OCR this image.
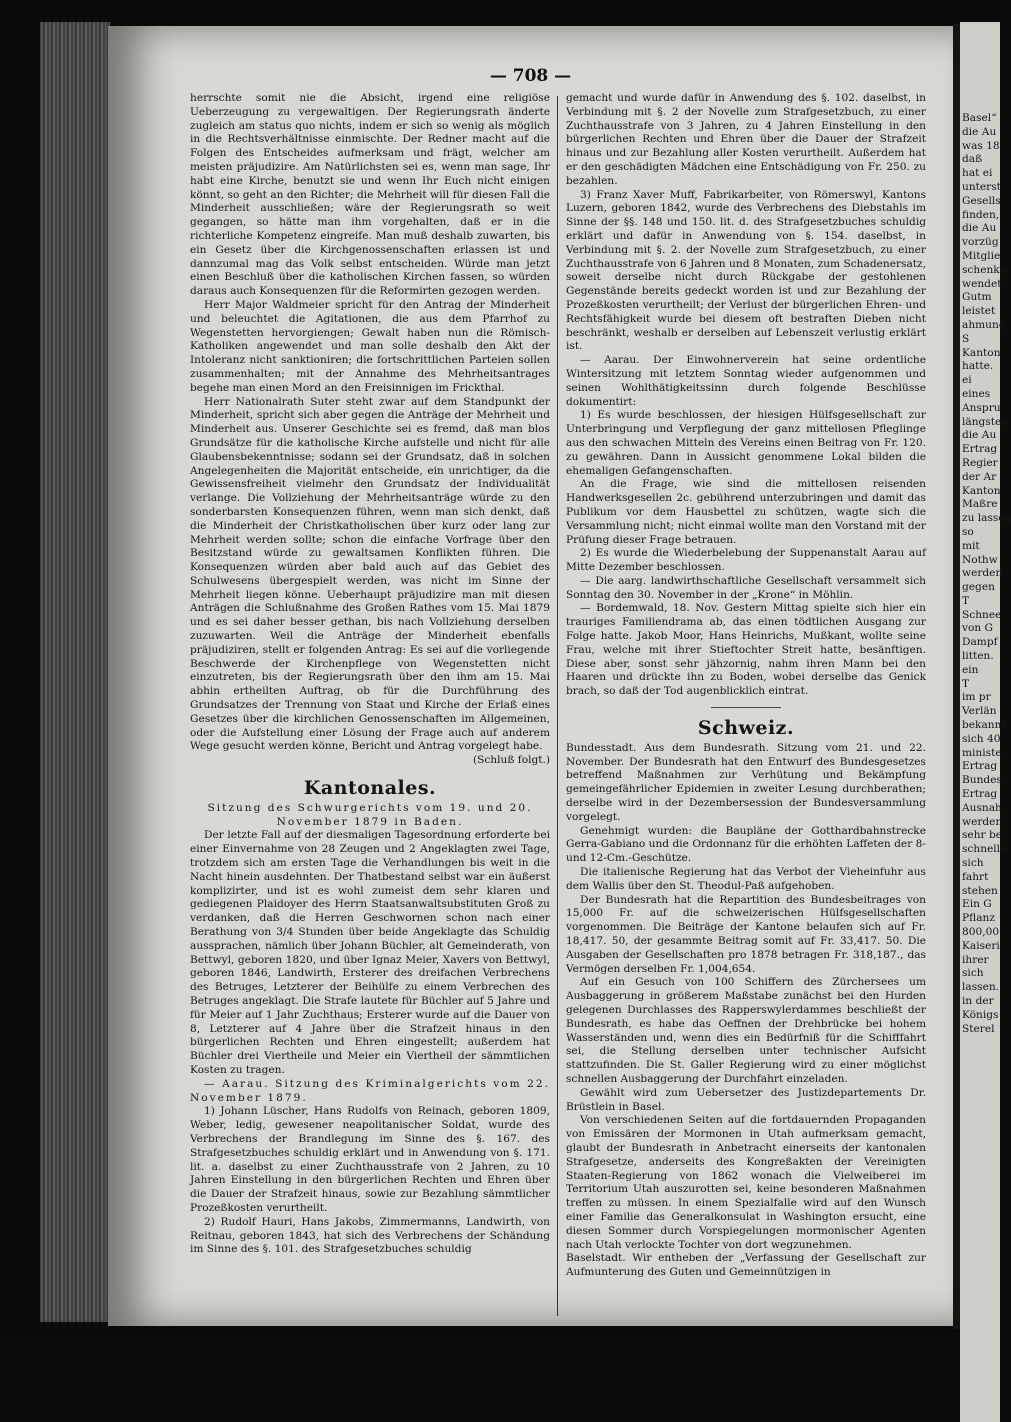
— 708 —

herrschte somit nie die Absicht, irgend eine religiöse Ueberzeugung zu vergewaltigen. Der Regierungsrath änderte zugleich am status quo nichts, indem er sich so wenig als möglich in die Rechtsverhältnisse einmischte. Der Redner macht auf die Folgen des Entscheides aufmerksam und frägt, welcher am meisten präjudizire. Am Natürlichsten sei es, wenn man sage, Ihr habt eine Kirche, benutzt sie und wenn Ihr Euch nicht einigen könnt, so geht an den Richter; die Mehrheit will für diesen Fall die Minderheit ausschließen; wäre der Regierungsrath so weit gegangen, so hätte man ihm vorgehalten, daß er in die richterliche Kompetenz eingreife. Man muß deshalb zuwarten, bis ein Gesetz über die Kirchgenossenschaften erlassen ist und dannzumal mag das Volk selbst entscheiden. Würde man jetzt einen Beschluß über die katholischen Kirchen fassen, so würden daraus auch Konsequenzen für die Reformirten gezogen werden.

Herr Major Waldmeier spricht für den Antrag der Minderheit und beleuchtet die Agitationen, die aus dem Pfarrhof zu Wegenstetten hervorgiengen; Gewalt haben nun die Römisch-Katholiken angewendet und man solle deshalb den Akt der Intoleranz nicht sanktioniren; die fortschrittlichen Parteien sollen zusammenhalten; mit der Annahme des Mehrheitsantrages begehe man einen Mord an den Freisinnigen im Frickthal.

Herr Nationalrath Suter steht zwar auf dem Standpunkt der Minderheit, spricht sich aber gegen die Anträge der Mehrheit und Minderheit aus. Unserer Geschichte sei es fremd, daß man blos Grundsätze für die katholische Kirche aufstelle und nicht für alle Glaubensbekenntnisse; sodann sei der Grundsatz, daß in solchen Angelegenheiten die Majorität entscheide, ein unrichtiger, da die Gewissensfreiheit vielmehr den Grundsatz der Individualität verlange. Die Vollziehung der Mehrheitsanträge würde zu den sonderbarsten Konsequenzen führen, wenn man sich denkt, daß die Minderheit der Christkatholischen über kurz oder lang zur Mehrheit werden sollte; schon die einfache Vorfrage über den Besitzstand würde zu gewaltsamen Konflikten führen. Die Konsequenzen würden aber bald auch auf das Gebiet des Schulwesens übergespielt werden, was nicht im Sinne der Mehrheit liegen könne. Ueberhaupt präjudizire man mit diesen Anträgen die Schlußnahme des Großen Rathes vom 15. Mai 1879 und es sei daher besser gethan, bis nach Vollziehung derselben zuzuwarten. Weil die Anträge der Minderheit ebenfalls präjudiziren, stellt er folgenden Antrag: Es sei auf die vorliegende Beschwerde der Kirchenpflege von Wegenstetten nicht einzutreten, bis der Regierungsrath über den ihm am 15. Mai abhin ertheilten Auftrag, ob für die Durchführung des Grundsatzes der Trennung von Staat und Kirche der Erlaß eines Gesetzes über die kirchlichen Genossenschaften im Allgemeinen, oder die Aufstellung einer Lösung der Frage auch auf anderem Wege gesucht werden könne, Bericht und Antrag vorgelegt habe.

(Schluß folgt.)

Kantonales.

Sitzung des Schwurgerichts vom 19. und 20. November 1879 in Baden.

Der letzte Fall auf der diesmaligen Tagesordnung erforderte bei einer Einvernahme von 28 Zeugen und 2 Angeklagten zwei Tage, trotzdem sich am ersten Tage die Verhandlungen bis weit in die Nacht hinein ausdehnten. Der Thatbestand selbst war ein äußerst komplizirter, und ist es wohl zumeist dem sehr klaren und gediegenen Plaidoyer des Herrn Staatsanwaltsubstituten Groß zu verdanken, daß die Herren Geschwornen schon nach einer Berathung von 3/4 Stunden über beide Angeklagte das Schuldig aussprachen, nämlich über Johann Büchler, alt Gemeinderath, von Bettwyl, geboren 1820, und über Ignaz Meier, Xavers von Bettwyl, geboren 1846, Landwirth, Ersterer des dreifachen Verbrechens des Betruges, Letzterer der Beihülfe zu einem Verbrechen des Betruges angeklagt. Die Strafe lautete für Büchler auf 5 Jahre und für Meier auf 1 Jahr Zuchthaus; Ersterer wurde auf die Dauer von 8, Letzterer auf 4 Jahre über die Strafzeit hinaus in den bürgerlichen Rechten und Ehren eingestellt; außerdem hat Büchler drei Viertheile und Meier ein Viertheil der sämmtlichen Kosten zu tragen.

— Aarau. Sitzung des Kriminalgerichts vom 22. November 1879.

1) Johann Lüscher, Hans Rudolfs von Reinach, geboren 1809, Weber, ledig, gewesener neapolitanischer Soldat, wurde des Verbrechens der Brandlegung im Sinne des §. 167. des Strafgesetzbuches schuldig erklärt und in Anwendung von §. 171. lit. a. daselbst zu einer Zuchthausstrafe von 2 Jahren, zu 10 Jahren Einstellung in den bürgerlichen Rechten und Ehren über die Dauer der Strafzeit hinaus, sowie zur Bezahlung sämmtlicher Prozeßkosten verurtheilt.

2) Rudolf Hauri, Hans Jakobs, Zimmermanns, Landwirth, von Reitnau, geboren 1843, hat sich des Verbrechens der Schändung im Sinne des §. 101. des Strafgesetzbuches schuldig

gemacht und wurde dafür in Anwendung des §. 102. daselbst, in Verbindung mit §. 2 der Novelle zum Strafgesetzbuch, zu einer Zuchthausstrafe von 3 Jahren, zu 4 Jahren Einstellung in den bürgerlichen Rechten und Ehren über die Dauer der Strafzeit hinaus und zur Bezahlung aller Kosten verurtheilt. Außerdem hat er den geschädigten Mädchen eine Entschädigung von Fr. 250. zu bezahlen.

3) Franz Xaver Muff, Fabrikarbeiter, von Römerswyl, Kantons Luzern, geboren 1842, wurde des Verbrechens des Diebstahls im Sinne der §§. 148 und 150. lit. d. des Strafgesetzbuches schuldig erklärt und dafür in Anwendung von §. 154. daselbst, in Verbindung mit §. 2. der Novelle zum Strafgesetzbuch, zu einer Zuchthausstrafe von 6 Jahren und 8 Monaten, zum Schadenersatz, soweit derselbe nicht durch Rückgabe der gestohlenen Gegenstände bereits gedeckt worden ist und zur Bezahlung der Prozeßkosten verurtheilt; der Verlust der bürgerlichen Ehren- und Rechtsfähigkeit wurde bei diesem oft bestraften Dieben nicht beschränkt, weshalb er derselben auf Lebenszeit verlustig erklärt ist.

— Aarau. Der Einwohnerverein hat seine ordentliche Wintersitzung mit letztem Sonntag wieder aufgenommen und seinen Wohlthätigkeitssinn durch folgende Beschlüsse dokumentirt:

1) Es wurde beschlossen, der hiesigen Hülfsgesellschaft zur Unterbringung und Verpflegung der ganz mittellosen Pfleglinge aus den schwachen Mitteln des Vereins einen Beitrag von Fr. 120. zu gewähren. Dann in Aussicht genommene Lokal bilden die ehemaligen Gefangenschaften.

An die Frage, wie sind die mittellosen reisenden Handwerksgesellen 2c. gebührend unterzubringen und damit das Publikum vor dem Hausbettel zu schützen, wagte sich die Versammlung nicht; nicht einmal wollte man den Vorstand mit der Prüfung dieser Frage betrauen.

2) Es wurde die Wiederbelebung der Suppenanstalt Aarau auf Mitte Dezember beschlossen.

— Die aarg. landwirthschaftliche Gesellschaft versammelt sich Sonntag den 30. November in der „Krone“ in Möhlin.

— Bordemwald, 18. Nov. Gestern Mittag spielte sich hier ein trauriges Familiendrama ab, das einen tödtlichen Ausgang zur Folge hatte. Jakob Moor, Hans Heinrichs, Mußkant, wollte seine Frau, welche mit ihrer Stieftochter Streit hatte, besänftigen. Diese aber, sonst sehr jähzornig, nahm ihren Mann bei den Haaren und drückte ihn zu Boden, wobei derselbe das Genick brach, so daß der Tod augenblicklich eintrat.

Schweiz.

Bundesstadt. Aus dem Bundesrath. Sitzung vom 21. und 22. November. Der Bundesrath hat den Entwurf des Bundesgesetzes betreffend Maßnahmen zur Verhütung und Bekämpfung gemeingefährlicher Epidemien in zweiter Lesung durchberathen; derselbe wird in der Dezembersession der Bundesversammlung vorgelegt.

Genehmigt wurden: die Baupläne der Gotthardbahnstrecke Gerra-Gabiano und die Ordonnanz für die erhöhten Laffeten der 8- und 12-Cm.-Geschütze.

Die italienische Regierung hat das Verbot der Vieheinfuhr aus dem Wallis über den St. Theodul-Paß aufgehoben.

Der Bundesrath hat die Repartition des Bundesbeitrages von 15,000 Fr. auf die schweizerischen Hülfsgesellschaften vorgenommen. Die Beiträge der Kantone belaufen sich auf Fr. 18,417. 50, der gesammte Beitrag somit auf Fr. 33,417. 50. Die Ausgaben der Gesellschaften pro 1878 betragen Fr. 318,187., das Vermögen derselben Fr. 1,004,654.

Auf ein Gesuch von 100 Schiffern des Zürchersees um Ausbaggerung in größerem Maßstabe zunächst bei den Hurden gelegenen Durchlasses des Rapperswylerdammes beschließt der Bundesrath, es habe das Oeffnen der Drehbrücke bei hohem Wasserständen und, wenn dies ein Bedürfniß für die Schifffahrt sei, die Stellung derselben unter technischer Aufsicht stattzufinden. Die St. Galler Regierung wird zu einer möglichst schnellen Ausbaggerung der Durchfahrt einzeladen.

Gewählt wird zum Uebersetzer des Justizdepartements Dr. Brüstlein in Basel.

Von verschiedenen Seiten auf die fortdauernden Propaganden von Emissären der Mormonen in Utah aufmerksam gemacht, glaubt der Bundesrath in Anbetracht einerseits der kantonalen Strafgesetze, anderseits des Kongreßakten der Vereinigten Staaten-Regierung von 1862 wonach die Vielweiberei im Territorium Utah auszurotten sei, keine besonderen Maßnahmen treffen zu müssen. In einem Spezialfalle wird auf den Wunsch einer Familie das Generalkonsulat in Washington ersucht, eine diesen Sommer durch Vorspiegelungen mormonischer Agenten nach Utah verlockte Tochter von dort wegzunehmen.

Baselstadt. Wir entheben der „Verfassung der Gesellschaft zur Aufmunterung des Guten und Gemeinnützigen in

Basel“
die Au
was 18
daß
hat ei
unterst
Gesells
finden,
die Au
vorzüg
Mitglie
schenke
wendet.
Gutm
leistet
ahmung
S
Kanton
hatte.
ei
eines
Anspru
längsten
die Au
Ertrag
Regier
der Ar
Kanton
Maßre
zu lassen
so
mit
Nothw
werden
gegen
T
Schnee
von G
Dampf
litten.
ein
T
im pr
Verlän
bekannt
sich 40
ministe
Ertrag
Bundes
Ertrag
Ausnah
werden
sehr be
schnelle
sich
fahrt
stehen
Ein G
Pflanz
800,00
Kaiseri
ihrer
sich
lassen.
in der
Königs
Sterel
